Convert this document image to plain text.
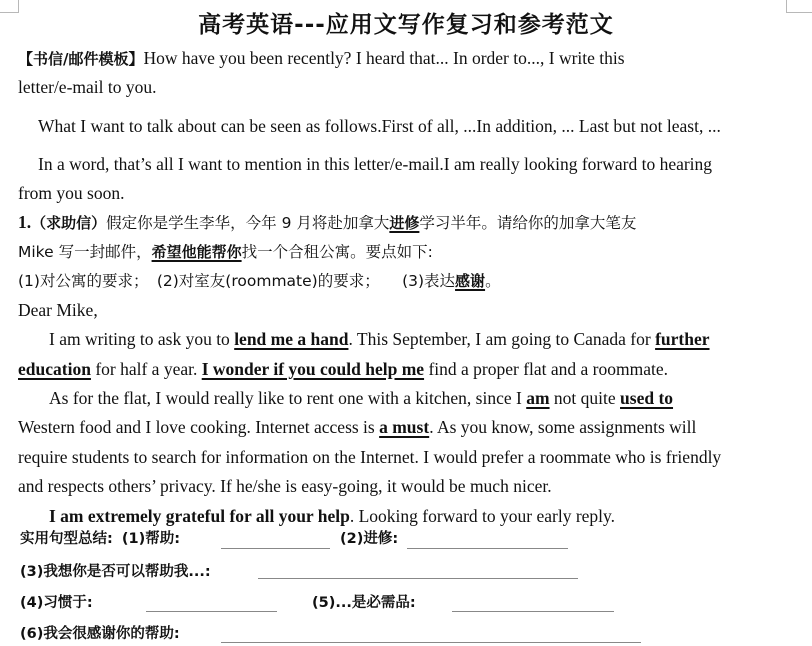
高考英语---应用文写作复习和参考范文
【书信/邮件模板】How have you been recently? I heard that... In order to..., I write this
letter/e-mail to you.
What I want to talk about can be seen as follows.First of all, ...In addition, ... Last but not least, ...
In a word, that’s all I want to mention in this letter/e-mail.I am really looking forward to hearing
from you soon.
1.（求助信）假定你是学生李华，今年 9 月将赴加拿大进修学习半年。请给你的加拿大笔友
Mike 写一封邮件，希望他能帮你找一个合租公寓。要点如下:
(1)对公寓的要求； (2)对室友(roommate)的要求； (3)表达感谢。
Dear Mike,
I am writing to ask you to lend me a hand. This September, I am going to Canada for further
education for half a year. I wonder if you could help me find a proper flat and a roommate.
As for the flat, I would really like to rent one with a kitchen, since I am not quite used to
Western food and I love cooking. Internet access is a must. As you know, some assignments will
require students to search for information on the Internet. I would prefer a roommate who is friendly
and respects others’ privacy. If he/she is easy-going, it would be much nicer.
I am extremely grateful for all your help. Looking forward to your early reply.
实用句型总结: (1)帮助:	(2)进修:
(3)我想你是否可以帮助我...:
(4)习惯于:	(5)...是必需品:
(6)我会很感谢你的帮助:
